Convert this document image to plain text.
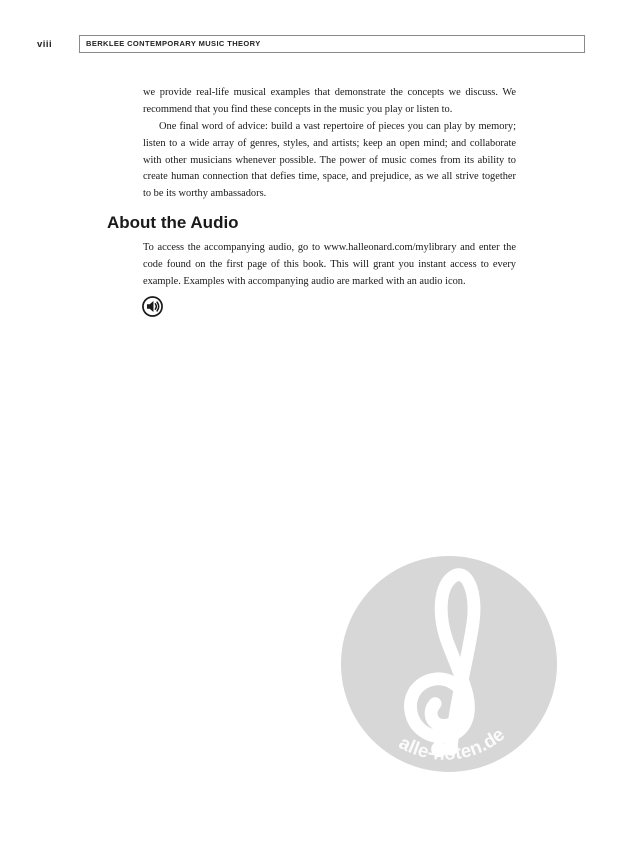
viii	BERKLEE CONTEMPORARY MUSIC THEORY

we provide real-life musical examples that demonstrate the concepts we discuss. We recommend that you find these concepts in the music you play or listen to.

One final word of advice: build a vast repertoire of pieces you can play by memory; listen to a wide array of genres, styles, and artists; keep an open mind; and collaborate with other musicians whenever possible. The power of music comes from its ability to create human connection that defies time, space, and prejudice, as we all strive together to be its worthy ambassadors.

About the Audio

To access the accompanying audio, go to www.halleonard.com/mylibrary and enter the code found on the first page of this book. This will grant you instant access to every example. Examples with accompanying audio are marked with an audio icon.

alle-noten.de
